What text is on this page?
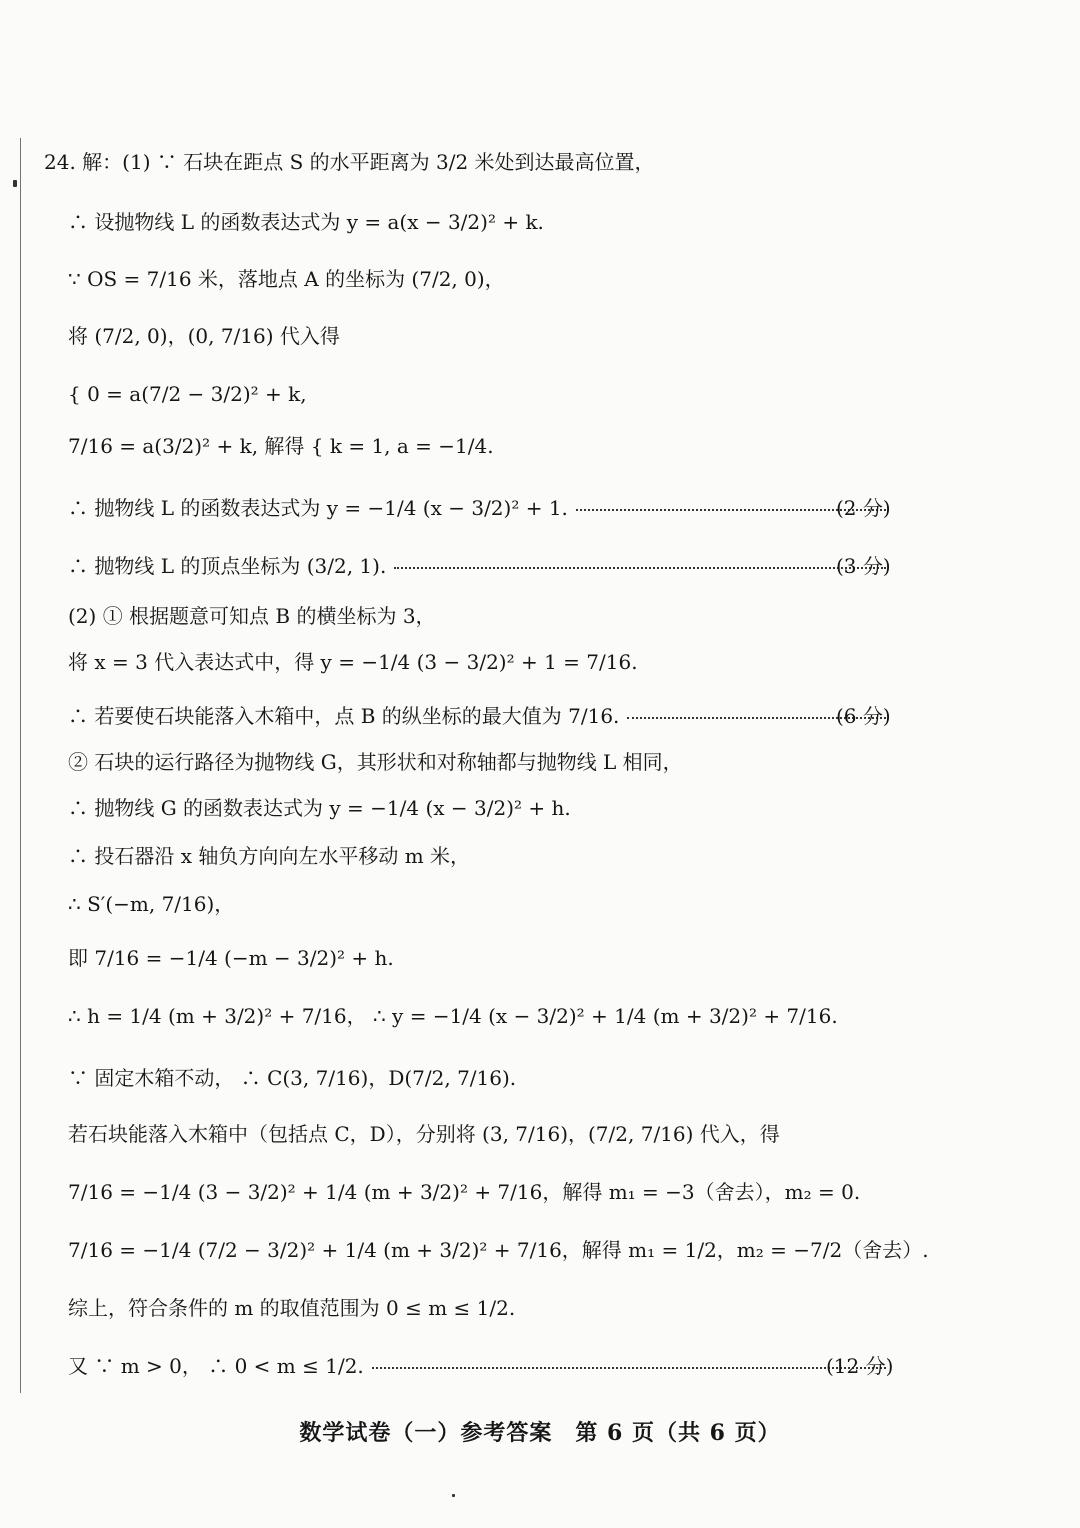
24. 解：(1) ∵ 石块在距点 S 的水平距离为 3/2 米处到达最高位置，
∴ 设抛物线 L 的函数表达式为 y = a(x − 3/2)² + k.
∵ OS = 7/16 米，落地点 A 的坐标为 (7/2, 0)，
将 (7/2, 0)，(0, 7/16) 代入得
{ 0 = a(7/2 − 3/2)² + k,
7/16 = a(3/2)² + k, 解得 { k = 1, a = −1/4.
∴ 抛物线 L 的函数表达式为 y = −1/4 (x − 3/2)² + 1.	(2 分)
∴ 抛物线 L 的顶点坐标为 (3/2, 1).	(3 分)
(2) ① 根据题意可知点 B 的横坐标为 3，
将 x = 3 代入表达式中，得 y = −1/4 (3 − 3/2)² + 1 = 7/16.
∴ 若要使石块能落入木箱中，点 B 的纵坐标的最大值为 7/16.	(6 分)
② 石块的运行路径为抛物线 G，其形状和对称轴都与抛物线 L 相同，
∴ 抛物线 G 的函数表达式为 y = −1/4 (x − 3/2)² + h.
∴ 投石器沿 x 轴负方向向左水平移动 m 米，
∴ S′(−m, 7/16)，
即 7/16 = −1/4 (−m − 3/2)² + h.
∴ h = 1/4 (m + 3/2)² + 7/16， ∴ y = −1/4 (x − 3/2)² + 1/4 (m + 3/2)² + 7/16.
∵ 固定木箱不动， ∴ C(3, 7/16)，D(7/2, 7/16).
若石块能落入木箱中（包括点 C，D），分别将 (3, 7/16)，(7/2, 7/16) 代入，得
7/16 = −1/4 (3 − 3/2)² + 1/4 (m + 3/2)² + 7/16，解得 m₁ = −3（舍去），m₂ = 0.
7/16 = −1/4 (7/2 − 3/2)² + 1/4 (m + 3/2)² + 7/16，解得 m₁ = 1/2，m₂ = −7/2（舍去）.
综上，符合条件的 m 的取值范围为 0 ≤ m ≤ 1/2.
又 ∵ m > 0， ∴ 0 < m ≤ 1/2.	(12 分)
数学试卷（一）参考答案　第 6 页（共 6 页）
